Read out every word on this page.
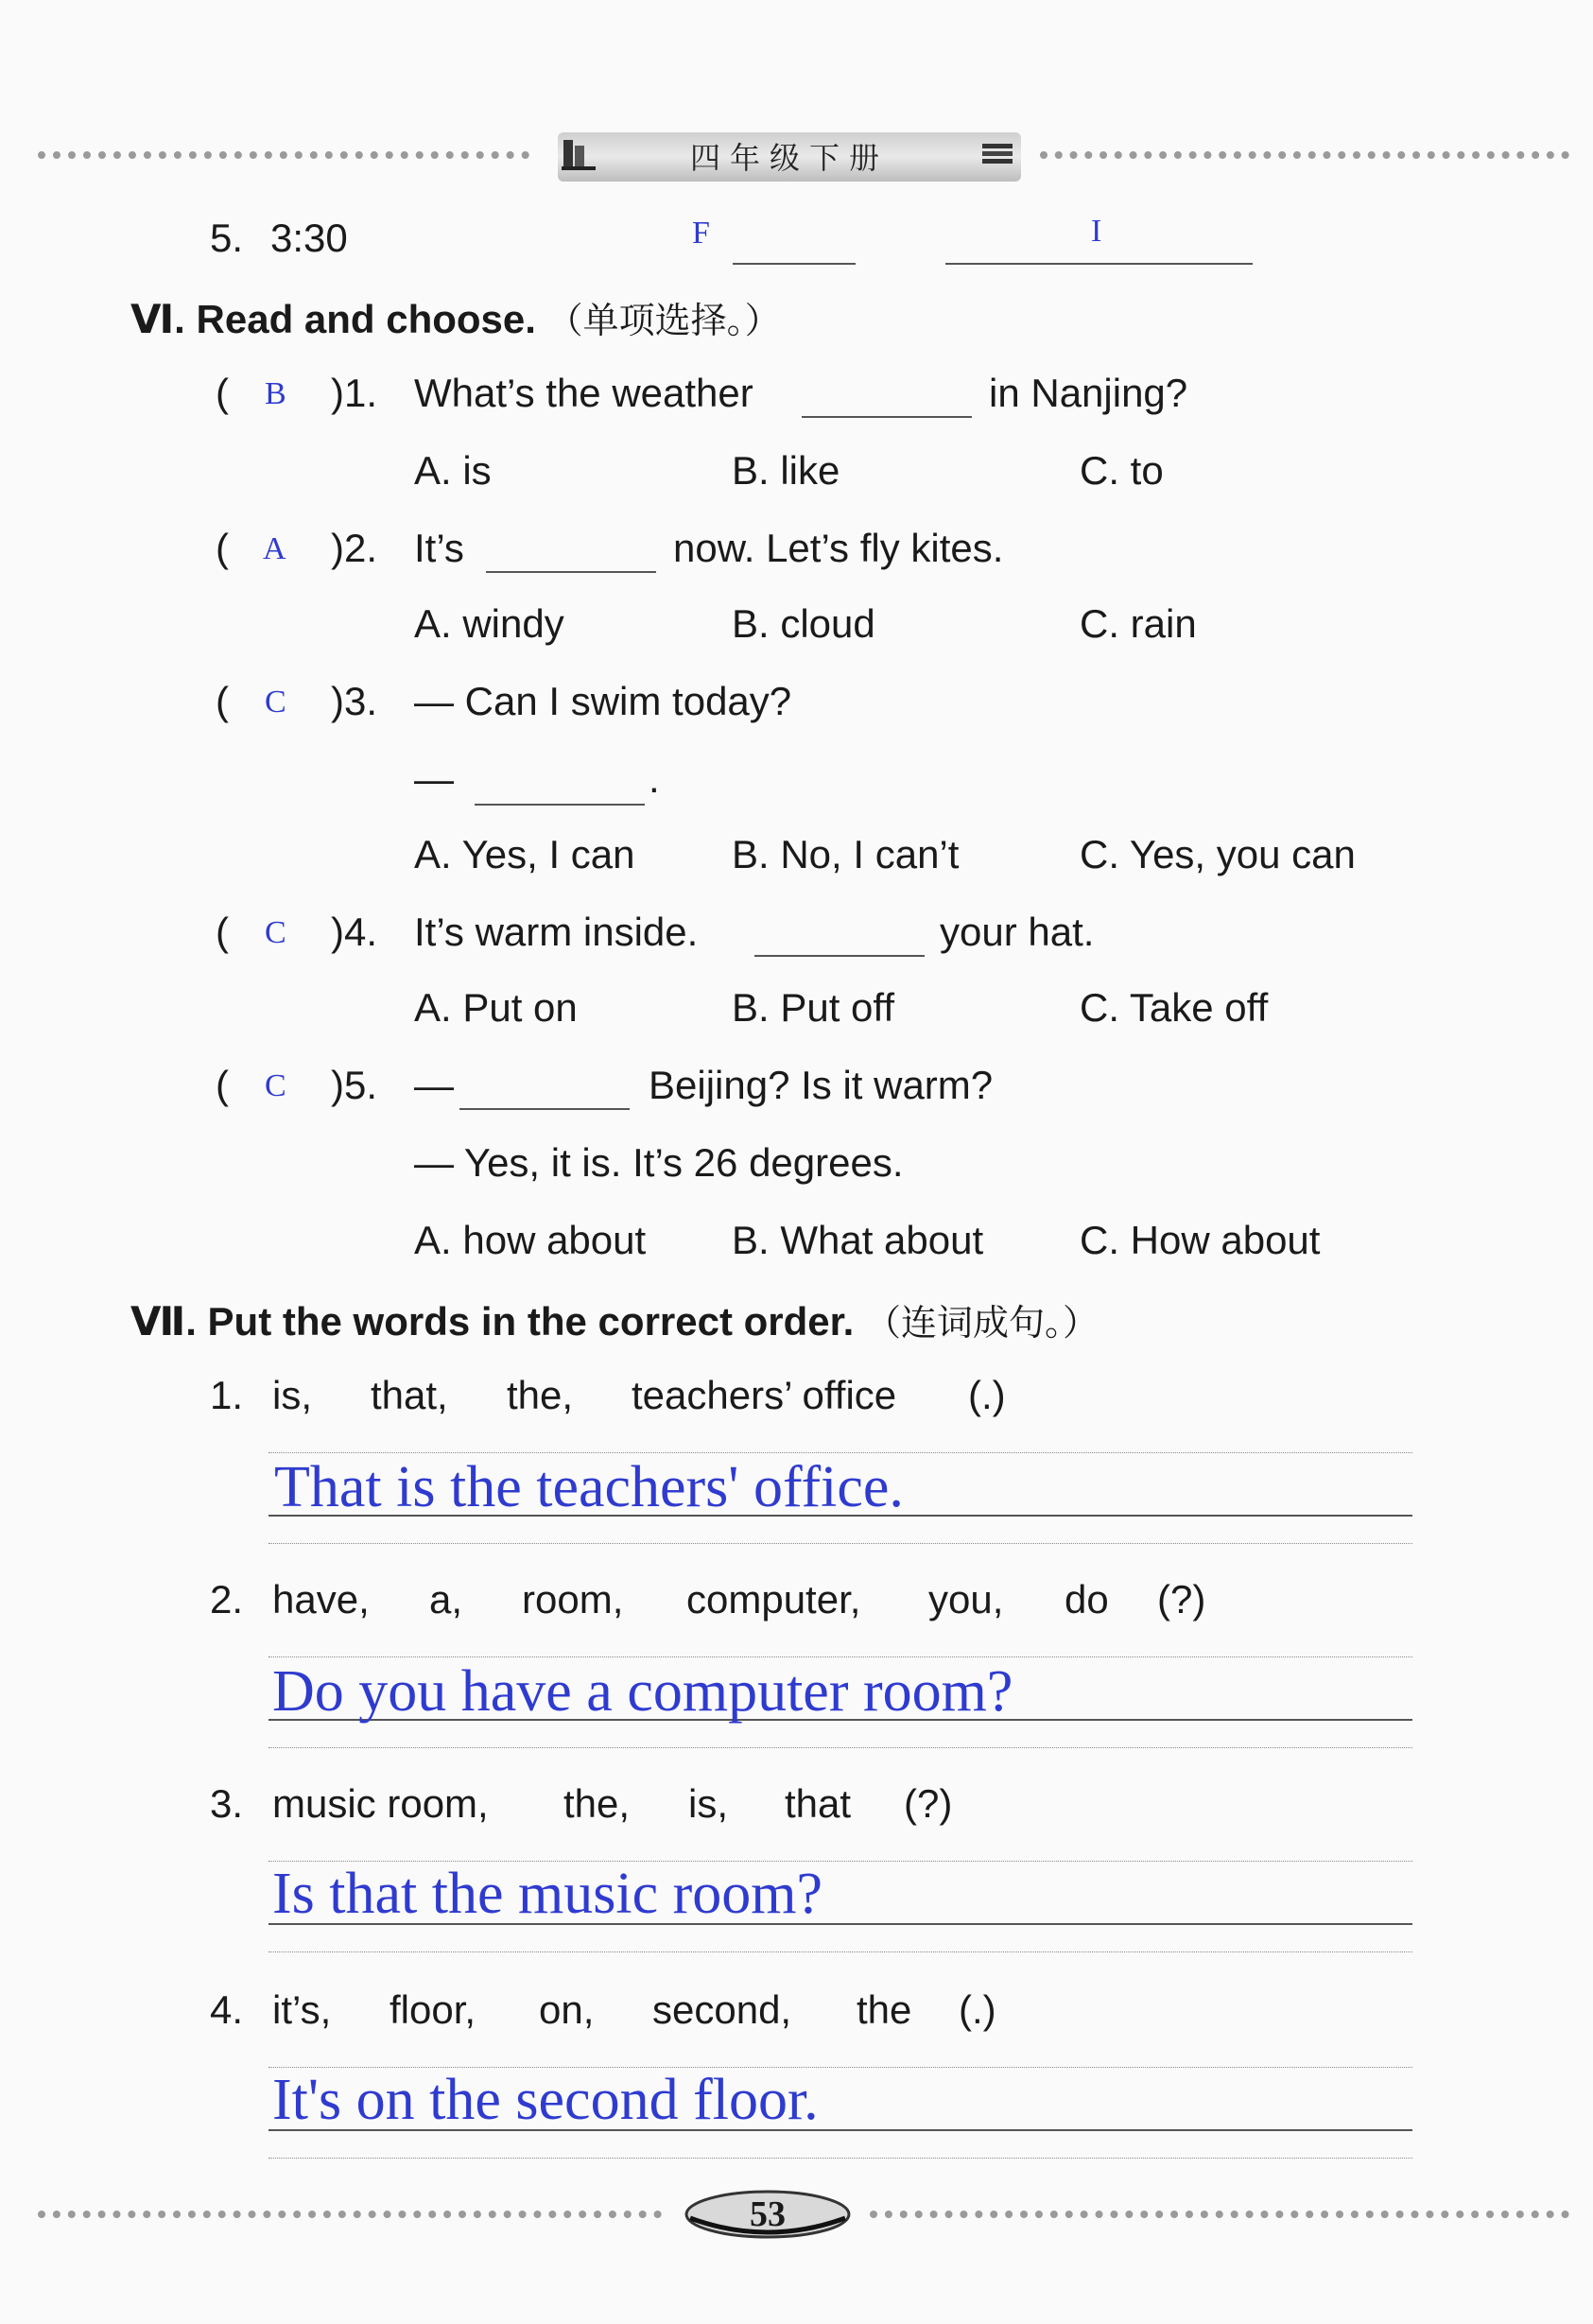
四年级下册
5. 3:30	F	I
Ⅵ. Read and choose. （单项选择。）
( B )1. What’s the weather	in Nanjing?
A. is	B. like	C. to
( A )2. It’s	now. Let’s fly kites.
A. windy	B. cloud	C. rain
( C )3. — Can I swim today?
—	.
A. Yes, I can B. No, I can’t	C. Yes, you can
( C )4. It’s warm inside.	your hat.
A. Put on	B. Put off	C. Take off
( C )5. —	Beijing? Is it warm?
— Yes, it is. It’s 26 degrees.
A. how about B. What about C. How about
Ⅶ. Put the words in the correct order. （连词成句。）
1. is, that, the, teachers’ office (.)
That is the teachers' office.
2. have, a, room, computer, you, do (?)
Do you have a computer room?
3. music room, the, is, that (?)
Is that the music room?
4. it’s, floor, on, second, the (.)
It's on the second floor.
53
